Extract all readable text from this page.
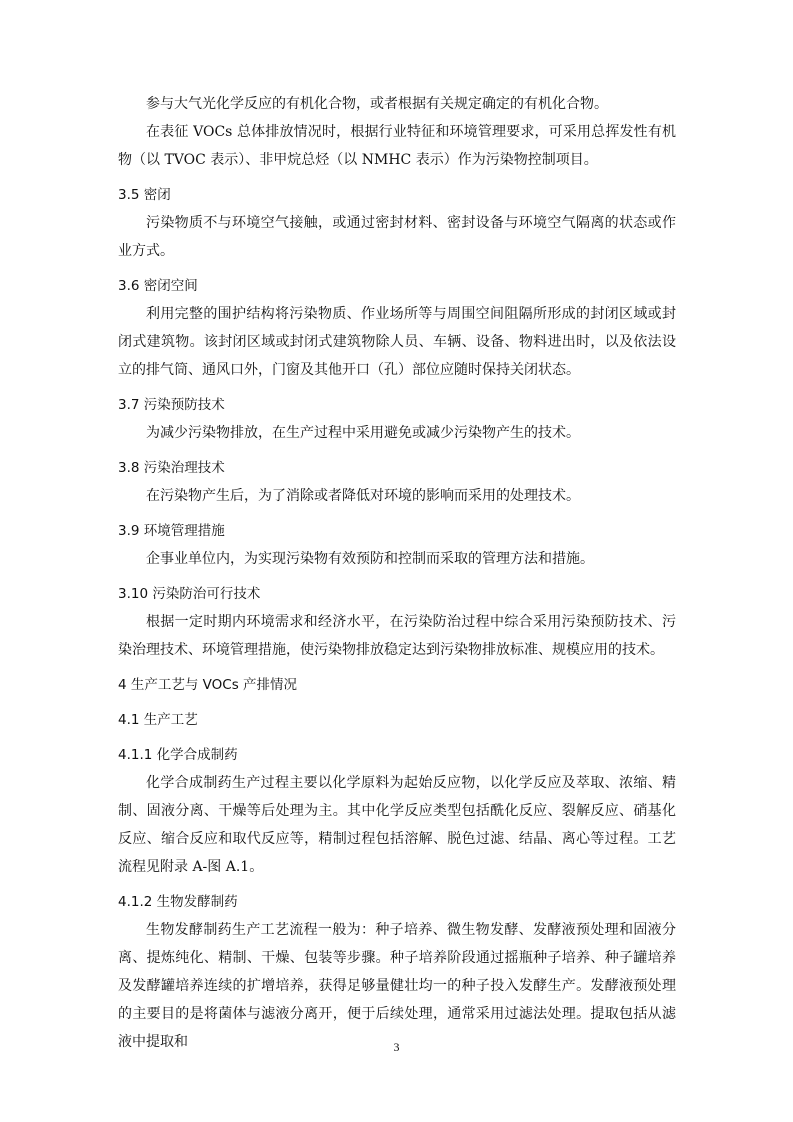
参与大气光化学反应的有机化合物，或者根据有关规定确定的有机化合物。

在表征 VOCs 总体排放情况时，根据行业特征和环境管理要求，可采用总挥发性有机物（以 TVOC 表示）、非甲烷总烃（以 NMHC 表示）作为污染物控制项目。

3.5 密闭

污染物质不与环境空气接触，或通过密封材料、密封设备与环境空气隔离的状态或作业方式。

3.6 密闭空间

利用完整的围护结构将污染物质、作业场所等与周围空间阻隔所形成的封闭区域或封闭式建筑物。该封闭区域或封闭式建筑物除人员、车辆、设备、物料进出时，以及依法设立的排气筒、通风口外，门窗及其他开口（孔）部位应随时保持关闭状态。

3.7 污染预防技术

为减少污染物排放，在生产过程中采用避免或减少污染物产生的技术。

3.8 污染治理技术

在污染物产生后，为了消除或者降低对环境的影响而采用的处理技术。

3.9 环境管理措施

企事业单位内，为实现污染物有效预防和控制而采取的管理方法和措施。

3.10 污染防治可行技术

根据一定时期内环境需求和经济水平，在污染防治过程中综合采用污染预防技术、污染治理技术、环境管理措施，使污染物排放稳定达到污染物排放标准、规模应用的技术。

4 生产工艺与 VOCs 产排情况
4.1 生产工艺
4.1.1 化学合成制药

化学合成制药生产过程主要以化学原料为起始反应物，以化学反应及萃取、浓缩、精制、固液分离、干燥等后处理为主。其中化学反应类型包括酰化反应、裂解反应、硝基化反应、缩合反应和取代反应等，精制过程包括溶解、脱色过滤、结晶、离心等过程。工艺流程见附录 A-图 A.1。

4.1.2 生物发酵制药

生物发酵制药生产工艺流程一般为：种子培养、微生物发酵、发酵液预处理和固液分离、提炼纯化、精制、干燥、包装等步骤。种子培养阶段通过摇瓶种子培养、种子罐培养及发酵罐培养连续的扩增培养，获得足够量健壮均一的种子投入发酵生产。发酵液预处理的主要目的是将菌体与滤液分离开，便于后续处理，通常采用过滤法处理。提取包括从滤液中提取和	3
